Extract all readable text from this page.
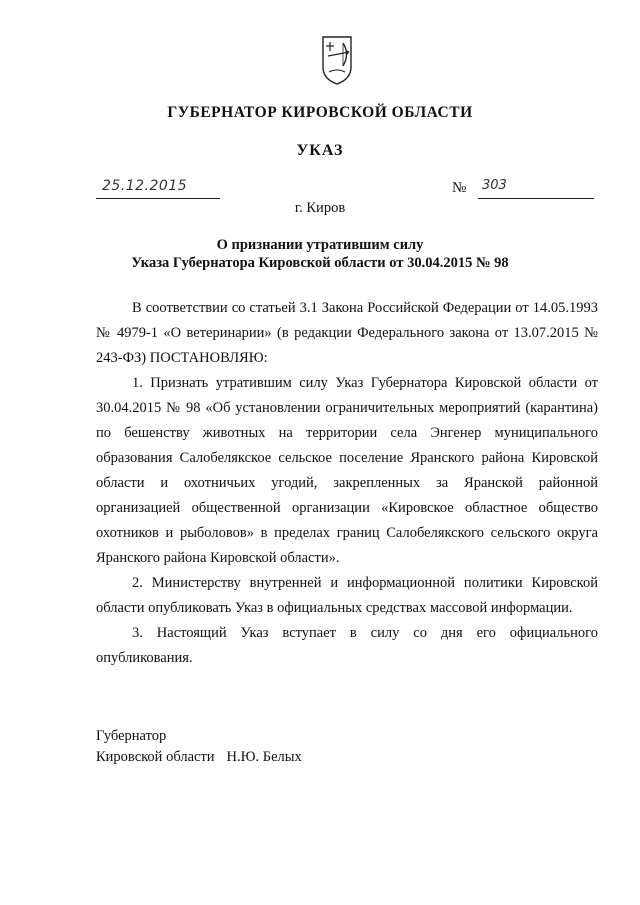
ГУБЕРНАТОР КИРОВСКОЙ ОБЛАСТИ
УКАЗ
25.12.2015	№ 303
г. Киров
О признании утратившим силу
Указа Губернатора Кировской области от 30.04.2015 № 98

В соответствии со статьей 3.1 Закона Российской Федерации от 14.05.1993 № 4979-1 «О ветеринарии» (в редакции Федерального закона от 13.07.2015 № 243-ФЗ) ПОСТАНОВЛЯЮ:

1. Признать утратившим силу Указ Губернатора Кировской области от 30.04.2015 № 98 «Об установлении ограничительных мероприятий (карантина) по бешенству животных на территории села Энгенер муниципального образования Салобелякское сельское поселение Яранского района Кировской области и охотничьих угодий, закрепленных за Яранской районной организацией общественной организации «Кировское областное общество охотников и рыболовов» в пределах границ Салобелякского сельского округа Яранского района Кировской области».

2. Министерству внутренней и информационной политики Кировской области опубликовать Указ в официальных средствах массовой информации.

3. Настоящий Указ вступает в силу со дня его официального опубликования.

Губернатор
Кировской области Н.Ю. Белых
